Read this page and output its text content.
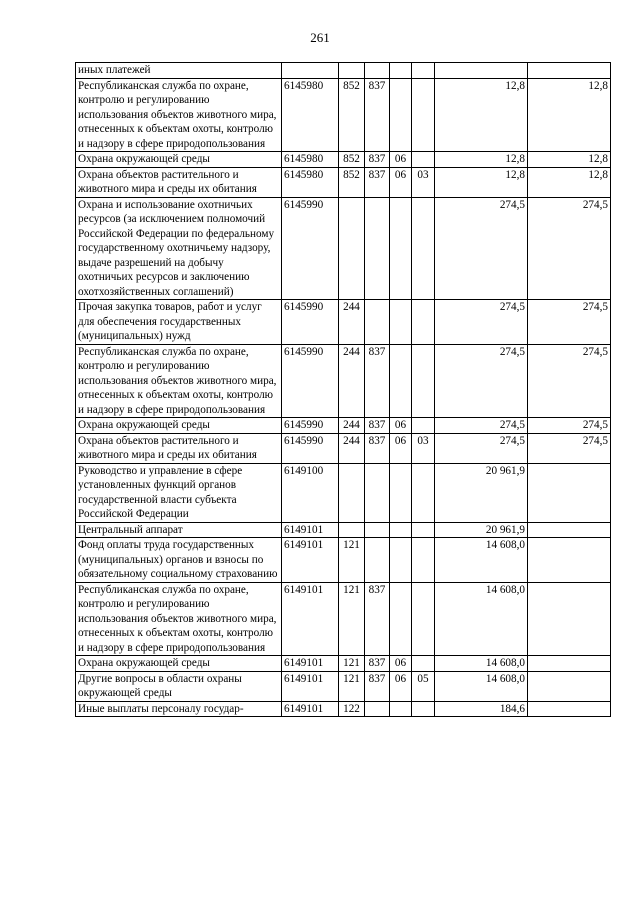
261
иных платежей							
Республиканская служба по охране, контролю и регулированию использования объектов животного мира, отнесенных к объектам охоты, контролю и надзору в сфере природопользования	6145980	852	837			12,8	12,8
Охрана окружающей среды	6145980	852	837	06		12,8	12,8
Охрана объектов растительного и животного мира и среды их обитания	6145980	852	837	06	03	12,8	12,8
Охрана и использование охотничьих ресурсов (за исключением полномочий Российской Федерации по федеральному государственному охотничьему надзору, выдаче разрешений на добычу охотничьих ресурсов и заключению охотхозяйственных соглашений)	6145990					274,5	274,5
Прочая закупка товаров, работ и услуг для обеспечения государственных (муниципальных) нужд	6145990	244				274,5	274,5
Республиканская служба по охране, контролю и регулированию использования объектов животного мира, отнесенных к объектам охоты, контролю и надзору в сфере природопользования	6145990	244	837			274,5	274,5
Охрана окружающей среды	6145990	244	837	06		274,5	274,5
Охрана объектов растительного и животного мира и среды их обитания	6145990	244	837	06	03	274,5	274,5
Руководство и управление в сфере установленных функций органов государственной власти субъекта Российской Федерации	6149100					20 961,9	
Центральный аппарат	6149101					20 961,9	
Фонд оплаты труда государственных (муниципальных) органов и взносы по обязательному социальному страхованию	6149101	121				14 608,0	
Республиканская служба по охране, контролю и регулированию использования объектов животного мира, отнесенных к объектам охоты, контролю и надзору в сфере природопользования	6149101	121	837			14 608,0	
Охрана окружающей среды	6149101	121	837	06		14 608,0	
Другие вопросы в области охраны окружающей среды	6149101	121	837	06	05	14 608,0	
Иные выплаты персоналу государ-	6149101	122				184,6	
